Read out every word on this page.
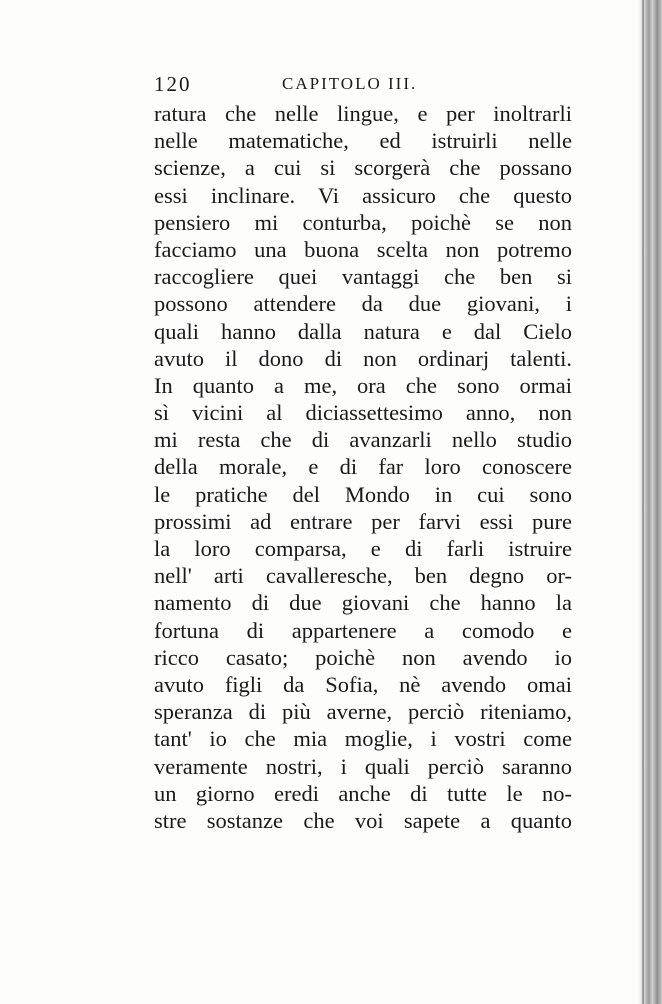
120	CAPITOLO III.
ratura che nelle lingue, e per inoltrarli
nelle matematiche, ed istruirli nelle
scienze, a cui si scorgerà che possano
essi inclinare. Vi assicuro che questo
pensiero mi conturba, poichè se non
facciamo una buona scelta non potremo
raccogliere quei vantaggi che ben si
possono attendere da due giovani, i
quali hanno dalla natura e dal Cielo
avuto il dono di non ordinarj talenti.
In quanto a me, ora che sono ormai
sì vicini al diciassettesimo anno, non
mi resta che di avanzarli nello studio
della morale, e di far loro conoscere
le pratiche del Mondo in cui sono
prossimi ad entrare per farvi essi pure
la loro comparsa, e di farli istruire
nell' arti cavalleresche, ben degno or-
namento di due giovani che hanno la
fortuna di appartenere a comodo e
ricco casato; poichè non avendo io
avuto figli da Sofia, nè avendo omai
speranza di più averne, perciò riteniamo,
tant' io che mia moglie, i vostri come
veramente nostri, i quali perciò saranno
un giorno eredi anche di tutte le no-
stre sostanze che voi sapete a quanto
